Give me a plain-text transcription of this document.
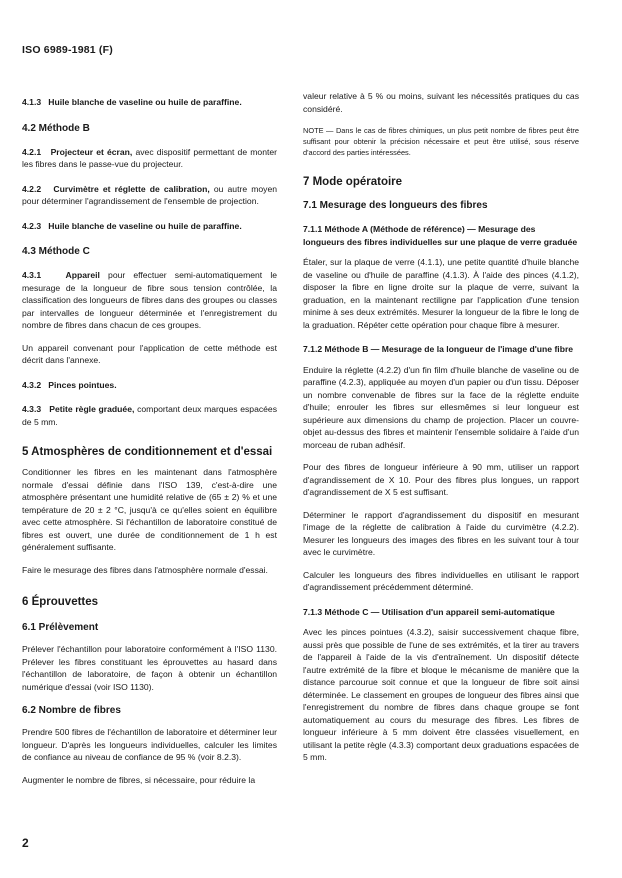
ISO 6989-1981 (F)

4.1.3 Huile blanche de vaseline ou huile de paraffine.

4.2 Méthode B

4.2.1 Projecteur et écran, avec dispositif permettant de monter les fibres dans le passe-vue du projecteur.

4.2.2 Curvimètre et réglette de calibration, ou autre moyen pour déterminer l'agrandissement de l'ensemble de projection.

4.2.3 Huile blanche de vaseline ou huile de paraffine.

4.3 Méthode C

4.3.1	Appareil pour effectuer semi-automatiquement le mesurage de la longueur de fibre sous tension contrôlée, la classification des longueurs de fibres dans des groupes ou classes par intervalles de longueur déterminée et l'enregistrement du nombre de fibres dans chacun de ces groupes.

Un appareil convenant pour l'application de cette méthode est décrit dans l'annexe.

4.3.2 Pinces pointues.

4.3.3 Petite règle graduée, comportant deux marques espacées de 5 mm.

5 Atmosphères de conditionnement et d'essai

Conditionner les fibres en les maintenant dans l'atmosphère normale d'essai définie dans l'ISO 139, c'est-à-dire une atmosphère présentant une humidité relative de (65 ± 2) % et une température de 20 ± 2 °C, jusqu'à ce qu'elles soient en équilibre avec cette atmosphère. Si l'échantillon de laboratoire constitué de fibres est ouvert, une durée de conditionnement de 1 h est généralement suffisante.

Faire le mesurage des fibres dans l'atmosphère normale d'essai.

6 Éprouvettes
6.1 Prélèvement

Prélever l'échantillon pour laboratoire conformément à l'ISO 1130. Prélever les fibres constituant les éprouvettes au hasard dans l'échantillon de laboratoire, de façon à obtenir un échantillon numérique d'essai (voir ISO 1130).

6.2 Nombre de fibres

Prendre 500 fibres de l'échantillon de laboratoire et déterminer leur longueur. D'après les longueurs individuelles, calculer les limites de confiance au niveau de confiance de 95 % (voir 8.2.3).

Augmenter le nombre de fibres, si nécessaire, pour réduire la

valeur relative à 5 % ou moins, suivant les nécessités pratiques du cas considéré.

NOTE — Dans le cas de fibres chimiques, un plus petit nombre de fibres peut être suffisant pour obtenir la précision nécessaire et peut être utilisé, sous réserve d'accord des parties intéressées.

7 Mode opératoire
7.1 Mesurage des longueurs des fibres

7.1.1 Méthode A (Méthode de référence) — Mesurage des longueurs des fibres individuelles sur une plaque de verre graduée

Étaler, sur la plaque de verre (4.1.1), une petite quantité d'huile blanche de vaseline ou d'huile de paraffine (4.1.3). À l'aide des pinces (4.1.2), disposer la fibre en ligne droite sur la plaque de verre, suivant la graduation, en la maintenant rectiligne par l'application d'une tension minime à ses deux extrémités. Mesurer la longueur de la fibre le long de la graduation. Répéter cette opération pour chaque fibre à mesurer.

7.1.2 Méthode B — Mesurage de la longueur de l'image d'une fibre

Enduire la réglette (4.2.2) d'un fin film d'huile blanche de vaseline ou de paraffine (4.2.3), appliquée au moyen d'un papier ou d'un tissu. Déposer un nombre convenable de fibres sur la face de la réglette enduite d'huile; enrouler les fibres sur ellesmêmes si leur longueur est supérieure aux dimensions du champ de projection. Placer un couvre-objet au-dessus des fibres et maintenir l'ensemble solidaire à l'aide d'un morceau de ruban adhésif.

Pour des fibres de longueur inférieure à 90 mm, utiliser un rapport d'agrandissement de X 10. Pour des fibres plus longues, un rapport d'agrandissement de X 5 est suffisant.

Déterminer le rapport d'agrandissement du dispositif en mesurant l'image de la réglette de calibration à l'aide du curvimètre (4.2.2). Mesurer les longueurs des images des fibres en les suivant tour à tour avec le curvimètre.

Calculer les longueurs des fibres individuelles en utilisant le rapport d'agrandissement précédemment déterminé.

7.1.3 Méthode C — Utilisation d'un appareil semi-automatique

Avec les pinces pointues (4.3.2), saisir successivement chaque fibre, aussi près que possible de l'une de ses extrémités, et la tirer au travers de l'appareil à l'aide de la vis d'entraînement. Un dispositif détecte l'autre extrémité de la fibre et bloque le mécanisme de manière que la distance parcourue soit connue et que la longueur de fibre soit ainsi déterminée. Le classement en groupes de longueur des fibres ainsi que l'enregistrement du nombre de fibres dans chaque groupe se font automatiquement au cours du mesurage des fibres. Les fibres de longueur inférieure à 5 mm doivent être classées visuellement, en utilisant la petite règle (4.3.3) comportant deux graduations espacées de 5 mm.

2
